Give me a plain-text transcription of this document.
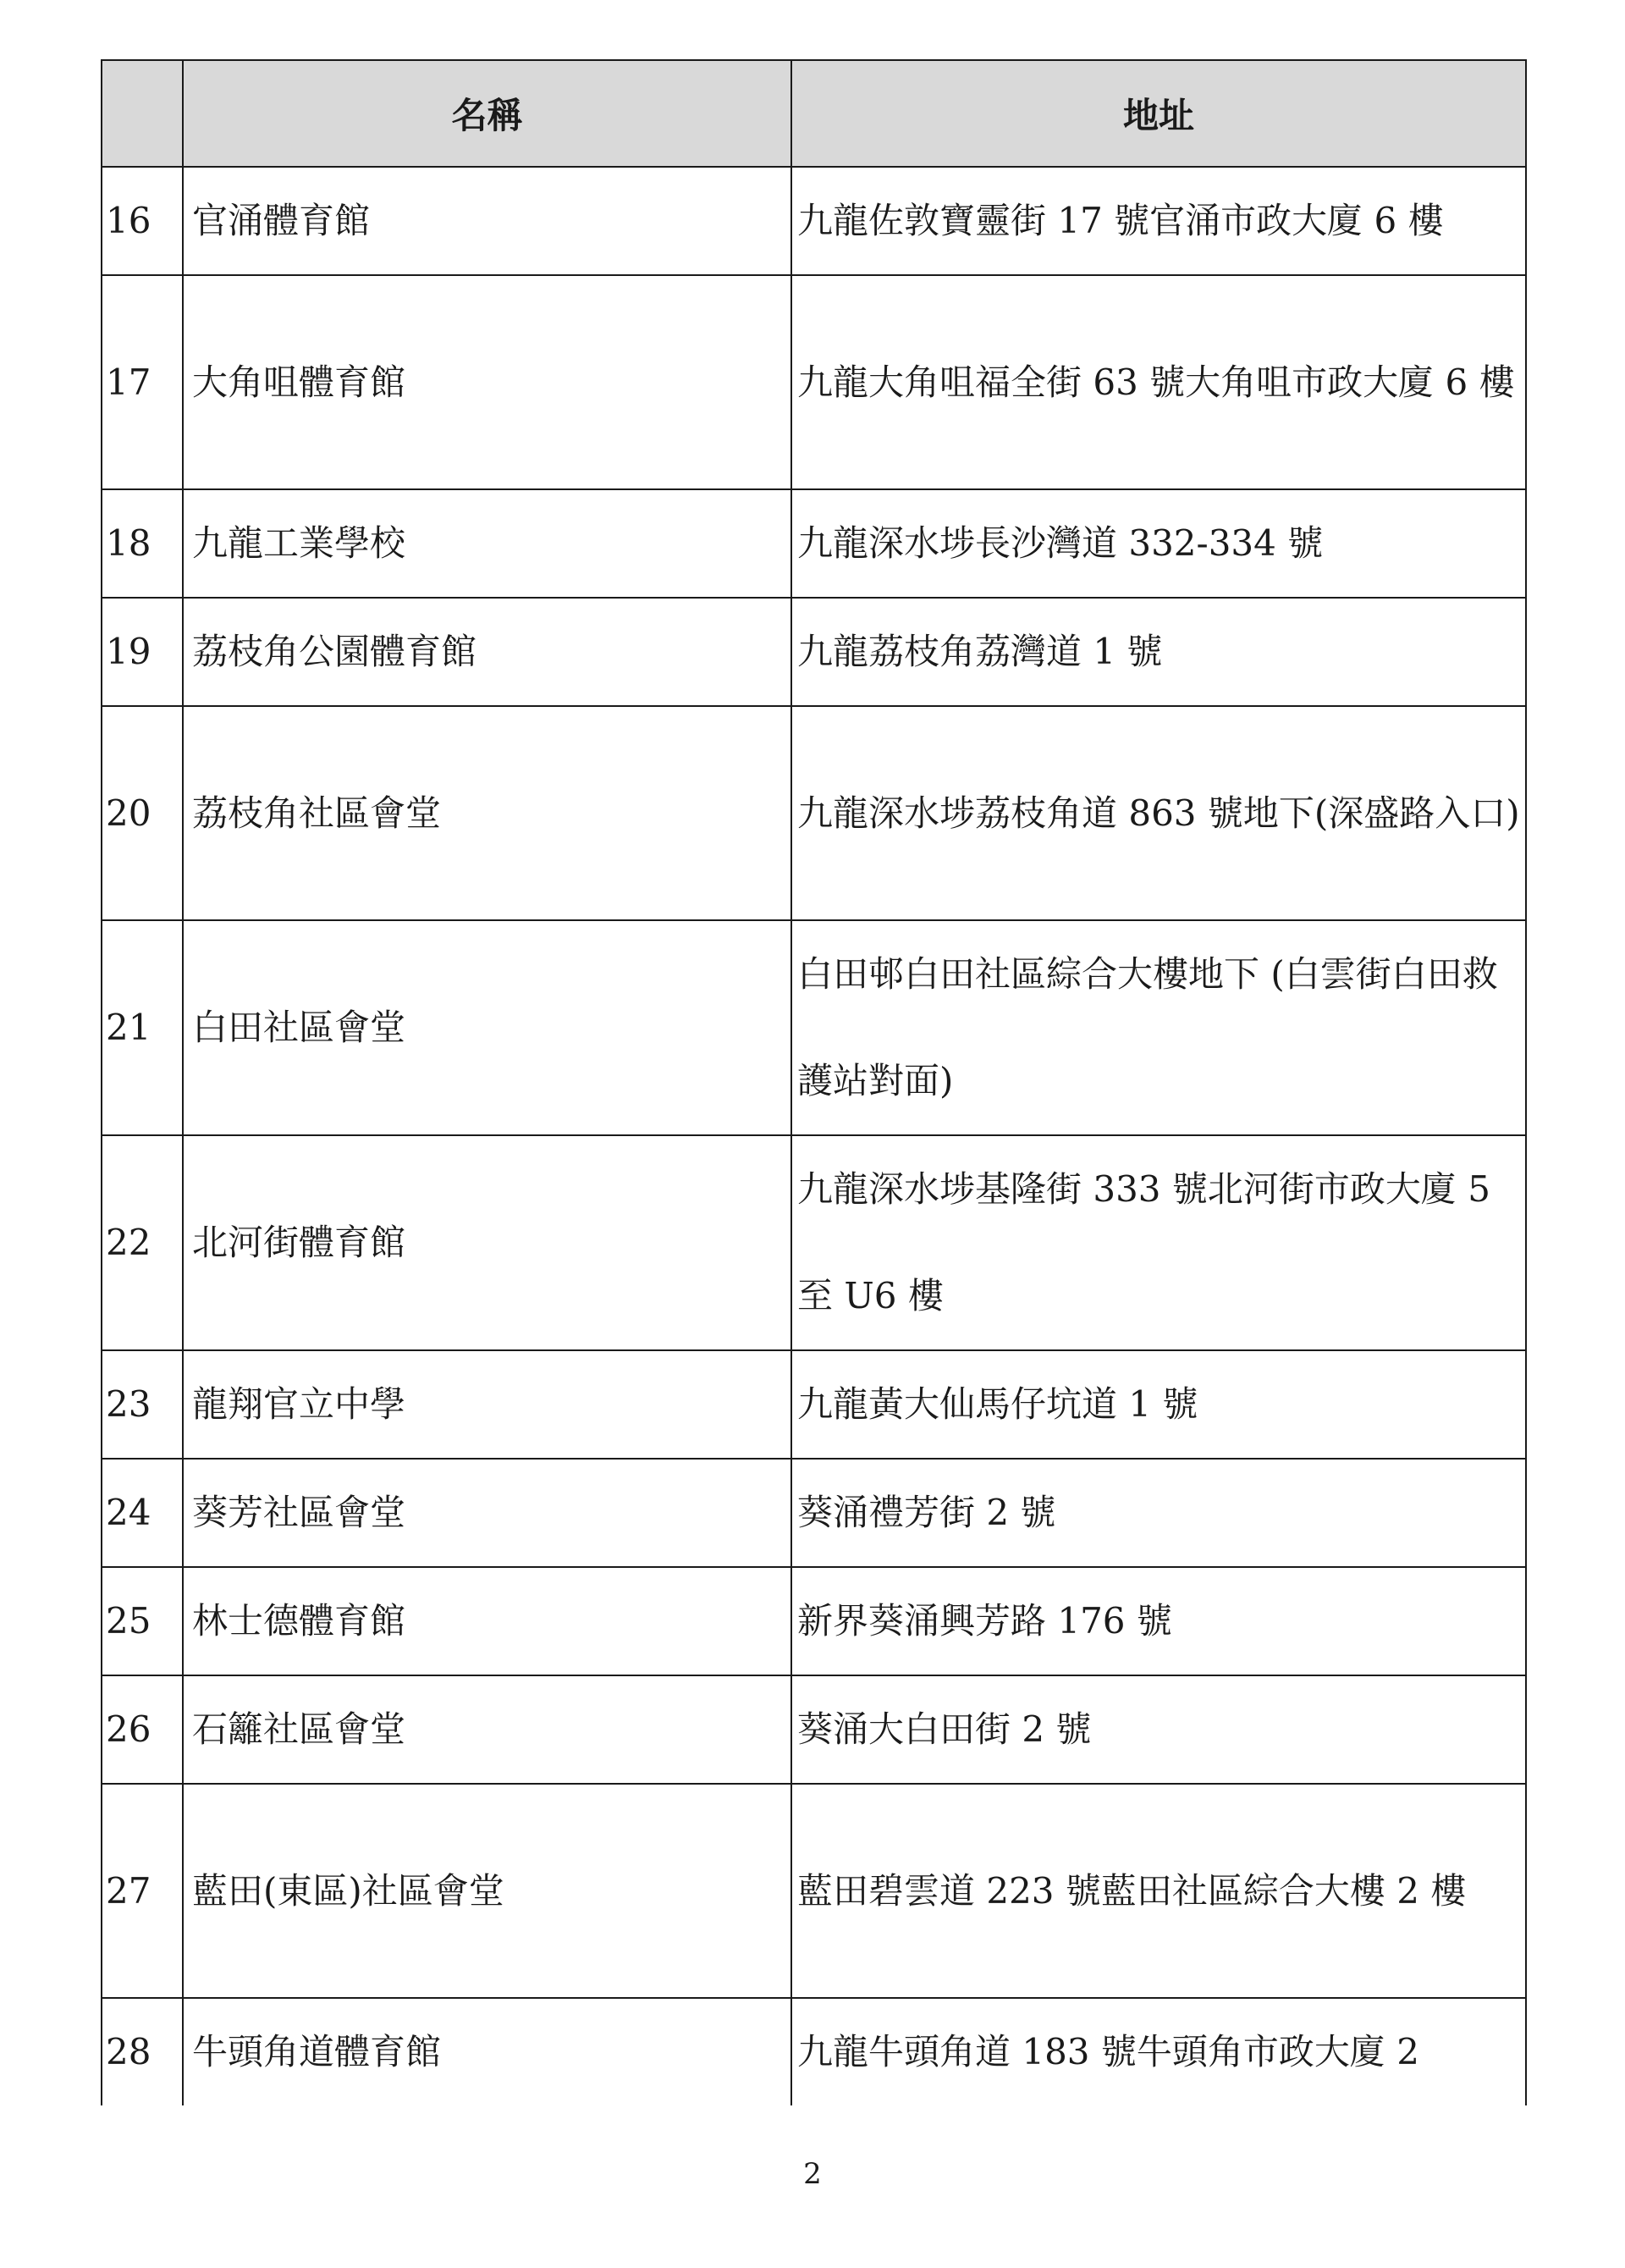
	名稱	地址
16	官涌體育館	九龍佐敦寶靈街 17 號官涌市政大廈 6 樓
17	大角咀體育館	九龍大角咀福全街 63 號大角咀市政大廈 6 樓
18	九龍工業學校	九龍深水埗長沙灣道 332-334 號
19	荔枝角公園體育館	九龍荔枝角荔灣道 1 號
20	荔枝角社區會堂	九龍深水埗荔枝角道 863 號地下(深盛路入口)
21	白田社區會堂	白田邨白田社區綜合大樓地下 (白雲街白田救護站對面)
22	北河街體育館	九龍深水埗基隆街 333 號北河街市政大廈 5 至 U6 樓
23	龍翔官立中學	九龍黃大仙馬仔坑道 1 號
24	葵芳社區會堂	葵涌禮芳街 2 號
25	林士德體育館	新界葵涌興芳路 176 號
26	石籬社區會堂	葵涌大白田街 2 號
27	藍田(東區)社區會堂	藍田碧雲道 223 號藍田社區綜合大樓 2 樓
28	牛頭角道體育館	九龍牛頭角道 183 號牛頭角市政大廈 2
2
